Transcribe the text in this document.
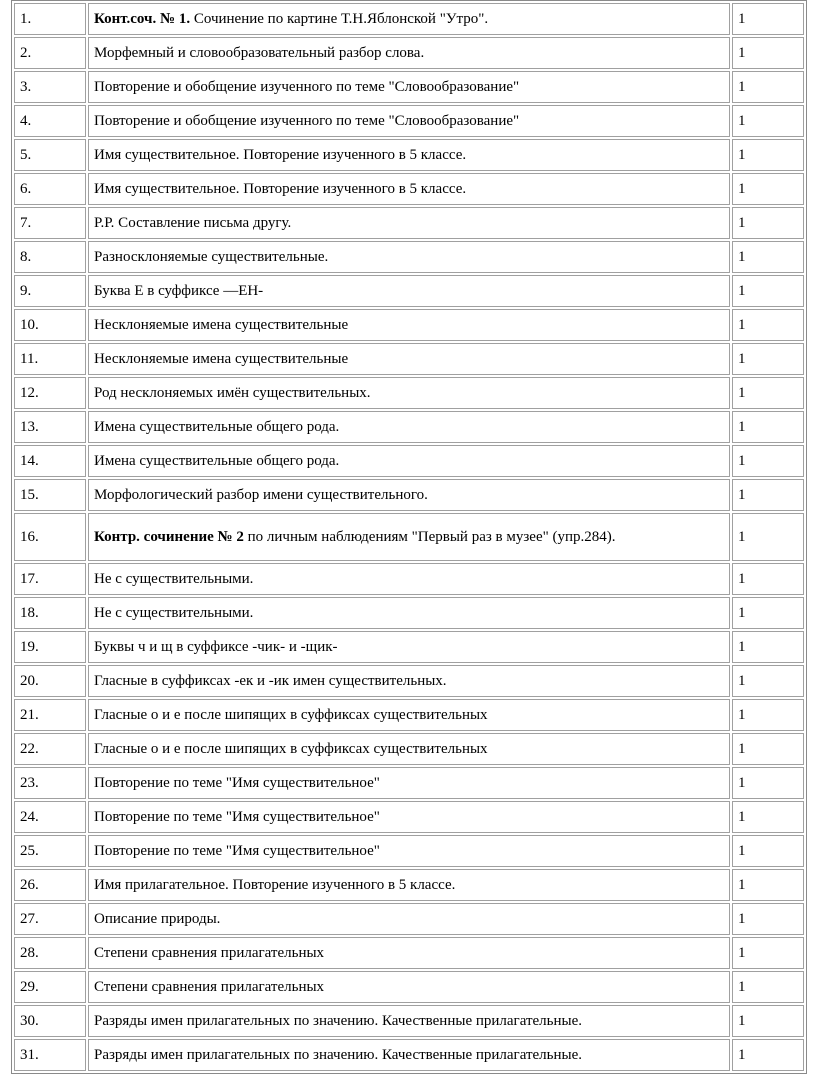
1.	Конт.соч. № 1. Сочинение по картине Т.Н.Яблонской "Утро".	1
2.	Морфемный и словообразовательный разбор слова.	1
3.	Повторение и обобщение изученного по теме "Словообразование"	1
4.	Повторение и обобщение изученного по теме "Словообразование"	1
5.	Имя существительное. Повторение изученного в 5 классе.	1
6.	Имя существительное. Повторение изученного в 5 классе.	1
7.	Р.Р. Составление письма другу.	1
8.	Разносклоняемые существительные.	1
9.	Буква Е в суффиксе —ЕН-	1
10.	Несклоняемые имена существительные	1
11.	Несклоняемые имена существительные	1
12.	Род несклоняемых имён существительных.	1
13.	Имена существительные общего рода.	1
14.	Имена существительные общего рода.	1
15.	Морфологический разбор имени существительного.	1
16.	Контр. сочинение № 2 по личным наблюдениям "Первый раз в музее" (упр.284).	1
17.	Не с существительными.	1
18.	Не с существительными.	1
19.	Буквы ч и щ в суффиксе -чик- и -щик-	1
20.	Гласные в суффиксах -ек и -ик имен существительных.	1
21.	Гласные о и е после шипящих в суффиксах существительных	1
22.	Гласные о и е после шипящих в суффиксах существительных	1
23.	Повторение по теме "Имя существительное"	1
24.	Повторение по теме "Имя существительное"	1
25.	Повторение по теме "Имя существительное"	1
26.	Имя прилагательное. Повторение изученного в 5 классе.	1
27.	Описание природы.	1
28.	Степени сравнения прилагательных	1
29.	Степени сравнения прилагательных	1
30.	Разряды имен прилагательных по значению. Качественные прилагательные.	1
31.	Разряды имен прилагательных по значению. Качественные прилагательные.	1
